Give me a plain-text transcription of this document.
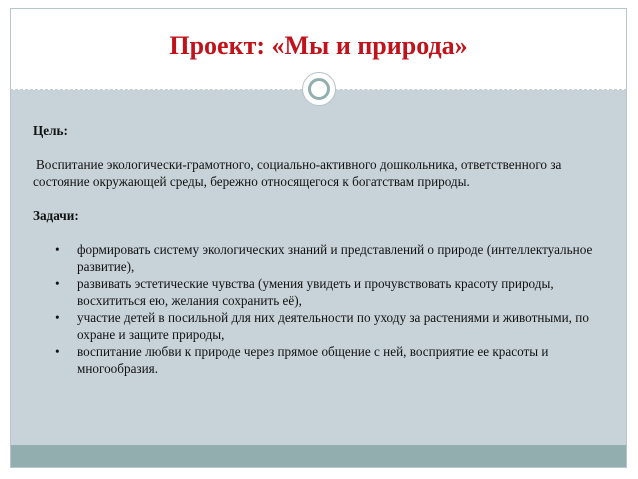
Проект: «Мы и природа»

Цель:

Воспитание экологически-грамотного, социально-активного дошкольника, ответственного за состояние окружающей среды, бережно относящегося к богатствам природы.

Задачи:

• формировать систему экологических знаний и представлений о природе (интеллектуальное развитие),
• развивать эстетические чувства (умения увидеть и прочувствовать красоту природы, восхититься ею, желания сохранить её),
• участие детей в посильной для них деятельности по уходу за растениями и животными, по охране и защите природы,
• воспитание любви к природе через прямое общение с ней, восприятие ее красоты и многообразия.
